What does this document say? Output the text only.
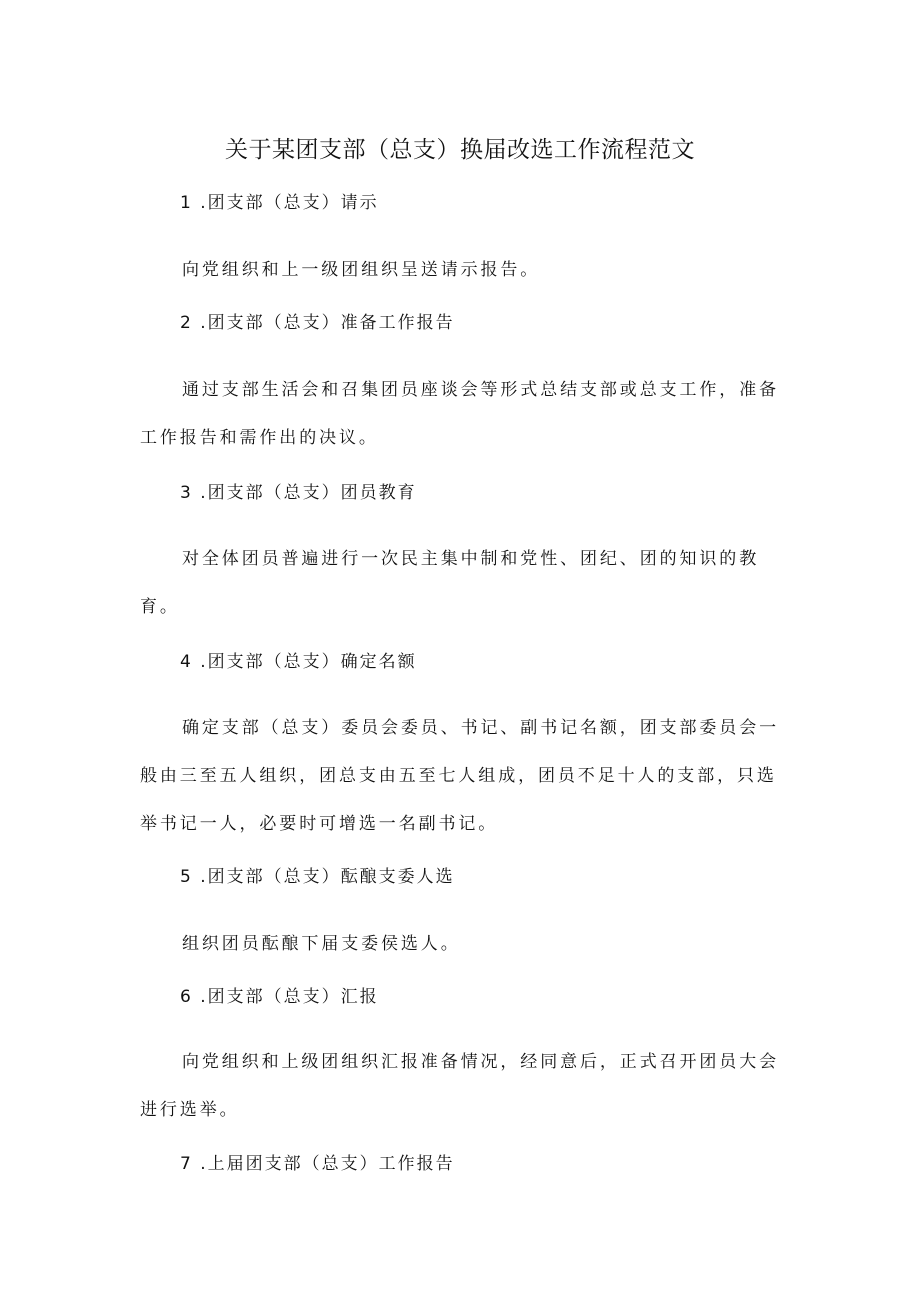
关于某团支部（总支）换届改选工作流程范文
1 .团支部（总支）请示
向党组织和上一级团组织呈送请示报告。
2 .团支部（总支）准备工作报告
通过支部生活会和召集团员座谈会等形式总结支部或总支工作，准备工作报告和需作出的决议。
3 .团支部（总支）团员教育
对全体团员普遍进行一次民主集中制和党性、团纪、团的知识的教育。
4 .团支部（总支）确定名额
确定支部（总支）委员会委员、书记、副书记名额，团支部委员会一般由三至五人组织，团总支由五至七人组成，团员不足十人的支部，只选举书记一人，必要时可增选一名副书记。
5 .团支部（总支）酝酿支委人选
组织团员酝酿下届支委侯选人。
6 .团支部（总支）汇报
向党组织和上级团组织汇报准备情况，经同意后，正式召开团员大会进行选举。
7 .上届团支部（总支）工作报告
